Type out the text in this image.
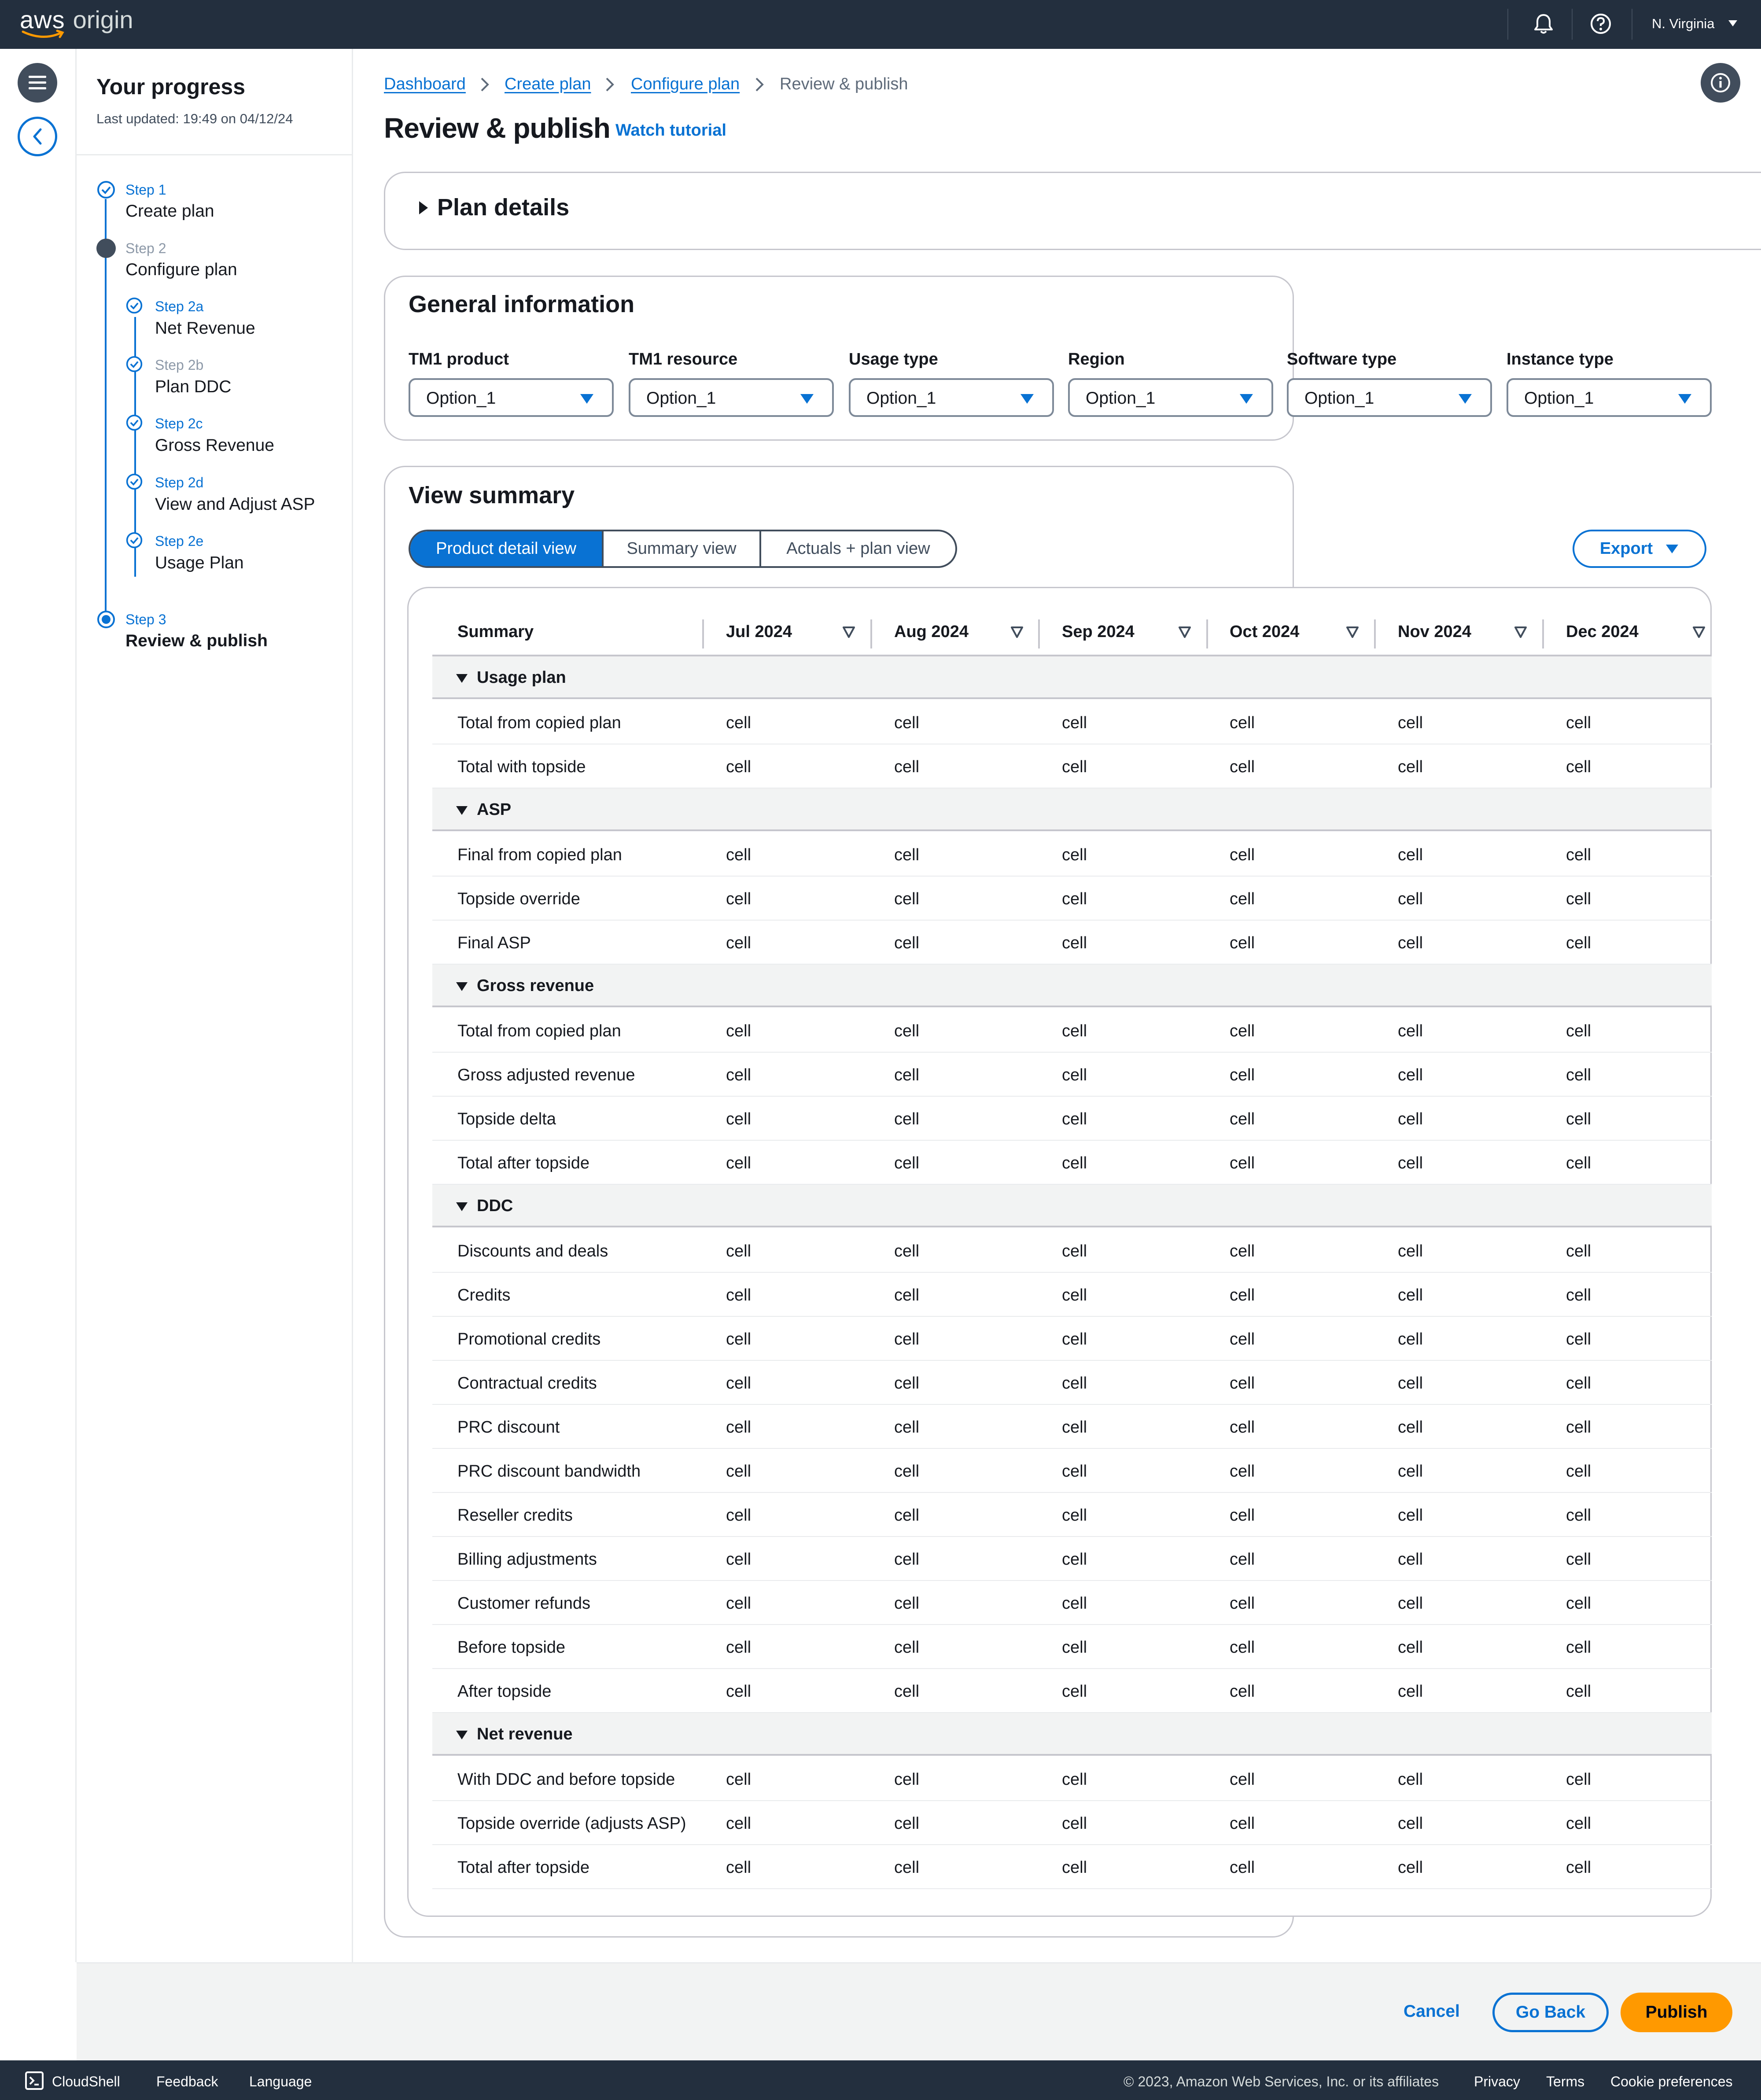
aws origin	N. Virginia
Your progress
Last updated: 19:49 on 04/12/24
Step 1
Create plan
Step 2
Configure plan
Step 2a
Net Revenue
Step 2b
Plan DDC
Step 2c
Gross Revenue
Step 2d
View and Adjust ASP
Step 2e
Usage Plan
Step 3
Review & publish
Dashboard Create plan Configure plan Review & publish
Review & publish Watch tutorial
Plan details
General information
TM1 product
Option_1
TM1 resource
Option_1
Usage type
Option_1
Region
Option_1
Software type
Option_1
Instance type
Option_1
View summary
Product detail view	Summary view	Actuals + plan view	Export
Summary	Jul 2024	Aug 2024	Sep 2024	Oct 2024	Nov 2024	Dec 2024
Usage plan
Total from copied plan	cell	cell	cell	cell	cell	cell
Total with topside	cell	cell	cell	cell	cell	cell
ASP
Final from copied plan	cell	cell	cell	cell	cell	cell
Topside override	cell	cell	cell	cell	cell	cell
Final ASP	cell	cell	cell	cell	cell	cell
Gross revenue
Total from copied plan	cell	cell	cell	cell	cell	cell
Gross adjusted revenue	cell	cell	cell	cell	cell	cell
Topside delta	cell	cell	cell	cell	cell	cell
Total after topside	cell	cell	cell	cell	cell	cell
DDC
Discounts and deals	cell	cell	cell	cell	cell	cell
Credits	cell	cell	cell	cell	cell	cell
Promotional credits	cell	cell	cell	cell	cell	cell
Contractual credits	cell	cell	cell	cell	cell	cell
PRC discount	cell	cell	cell	cell	cell	cell
PRC discount bandwidth	cell	cell	cell	cell	cell	cell
Reseller credits	cell	cell	cell	cell	cell	cell
Billing adjustments	cell	cell	cell	cell	cell	cell
Customer refunds	cell	cell	cell	cell	cell	cell
Before topside	cell	cell	cell	cell	cell	cell
After topside	cell	cell	cell	cell	cell	cell
Net revenue
With DDC and before topside	cell	cell	cell	cell	cell	cell
Topside override (adjusts ASP) cell	cell	cell	cell	cell	cell
Total after topside	cell	cell	cell	cell	cell	cell
Cancel	Go Back	Publish
CloudShell	Feedback Language	© 2023, Amazon Web Services, Inc. or its affiliates Privacy Terms Cookie preferences
